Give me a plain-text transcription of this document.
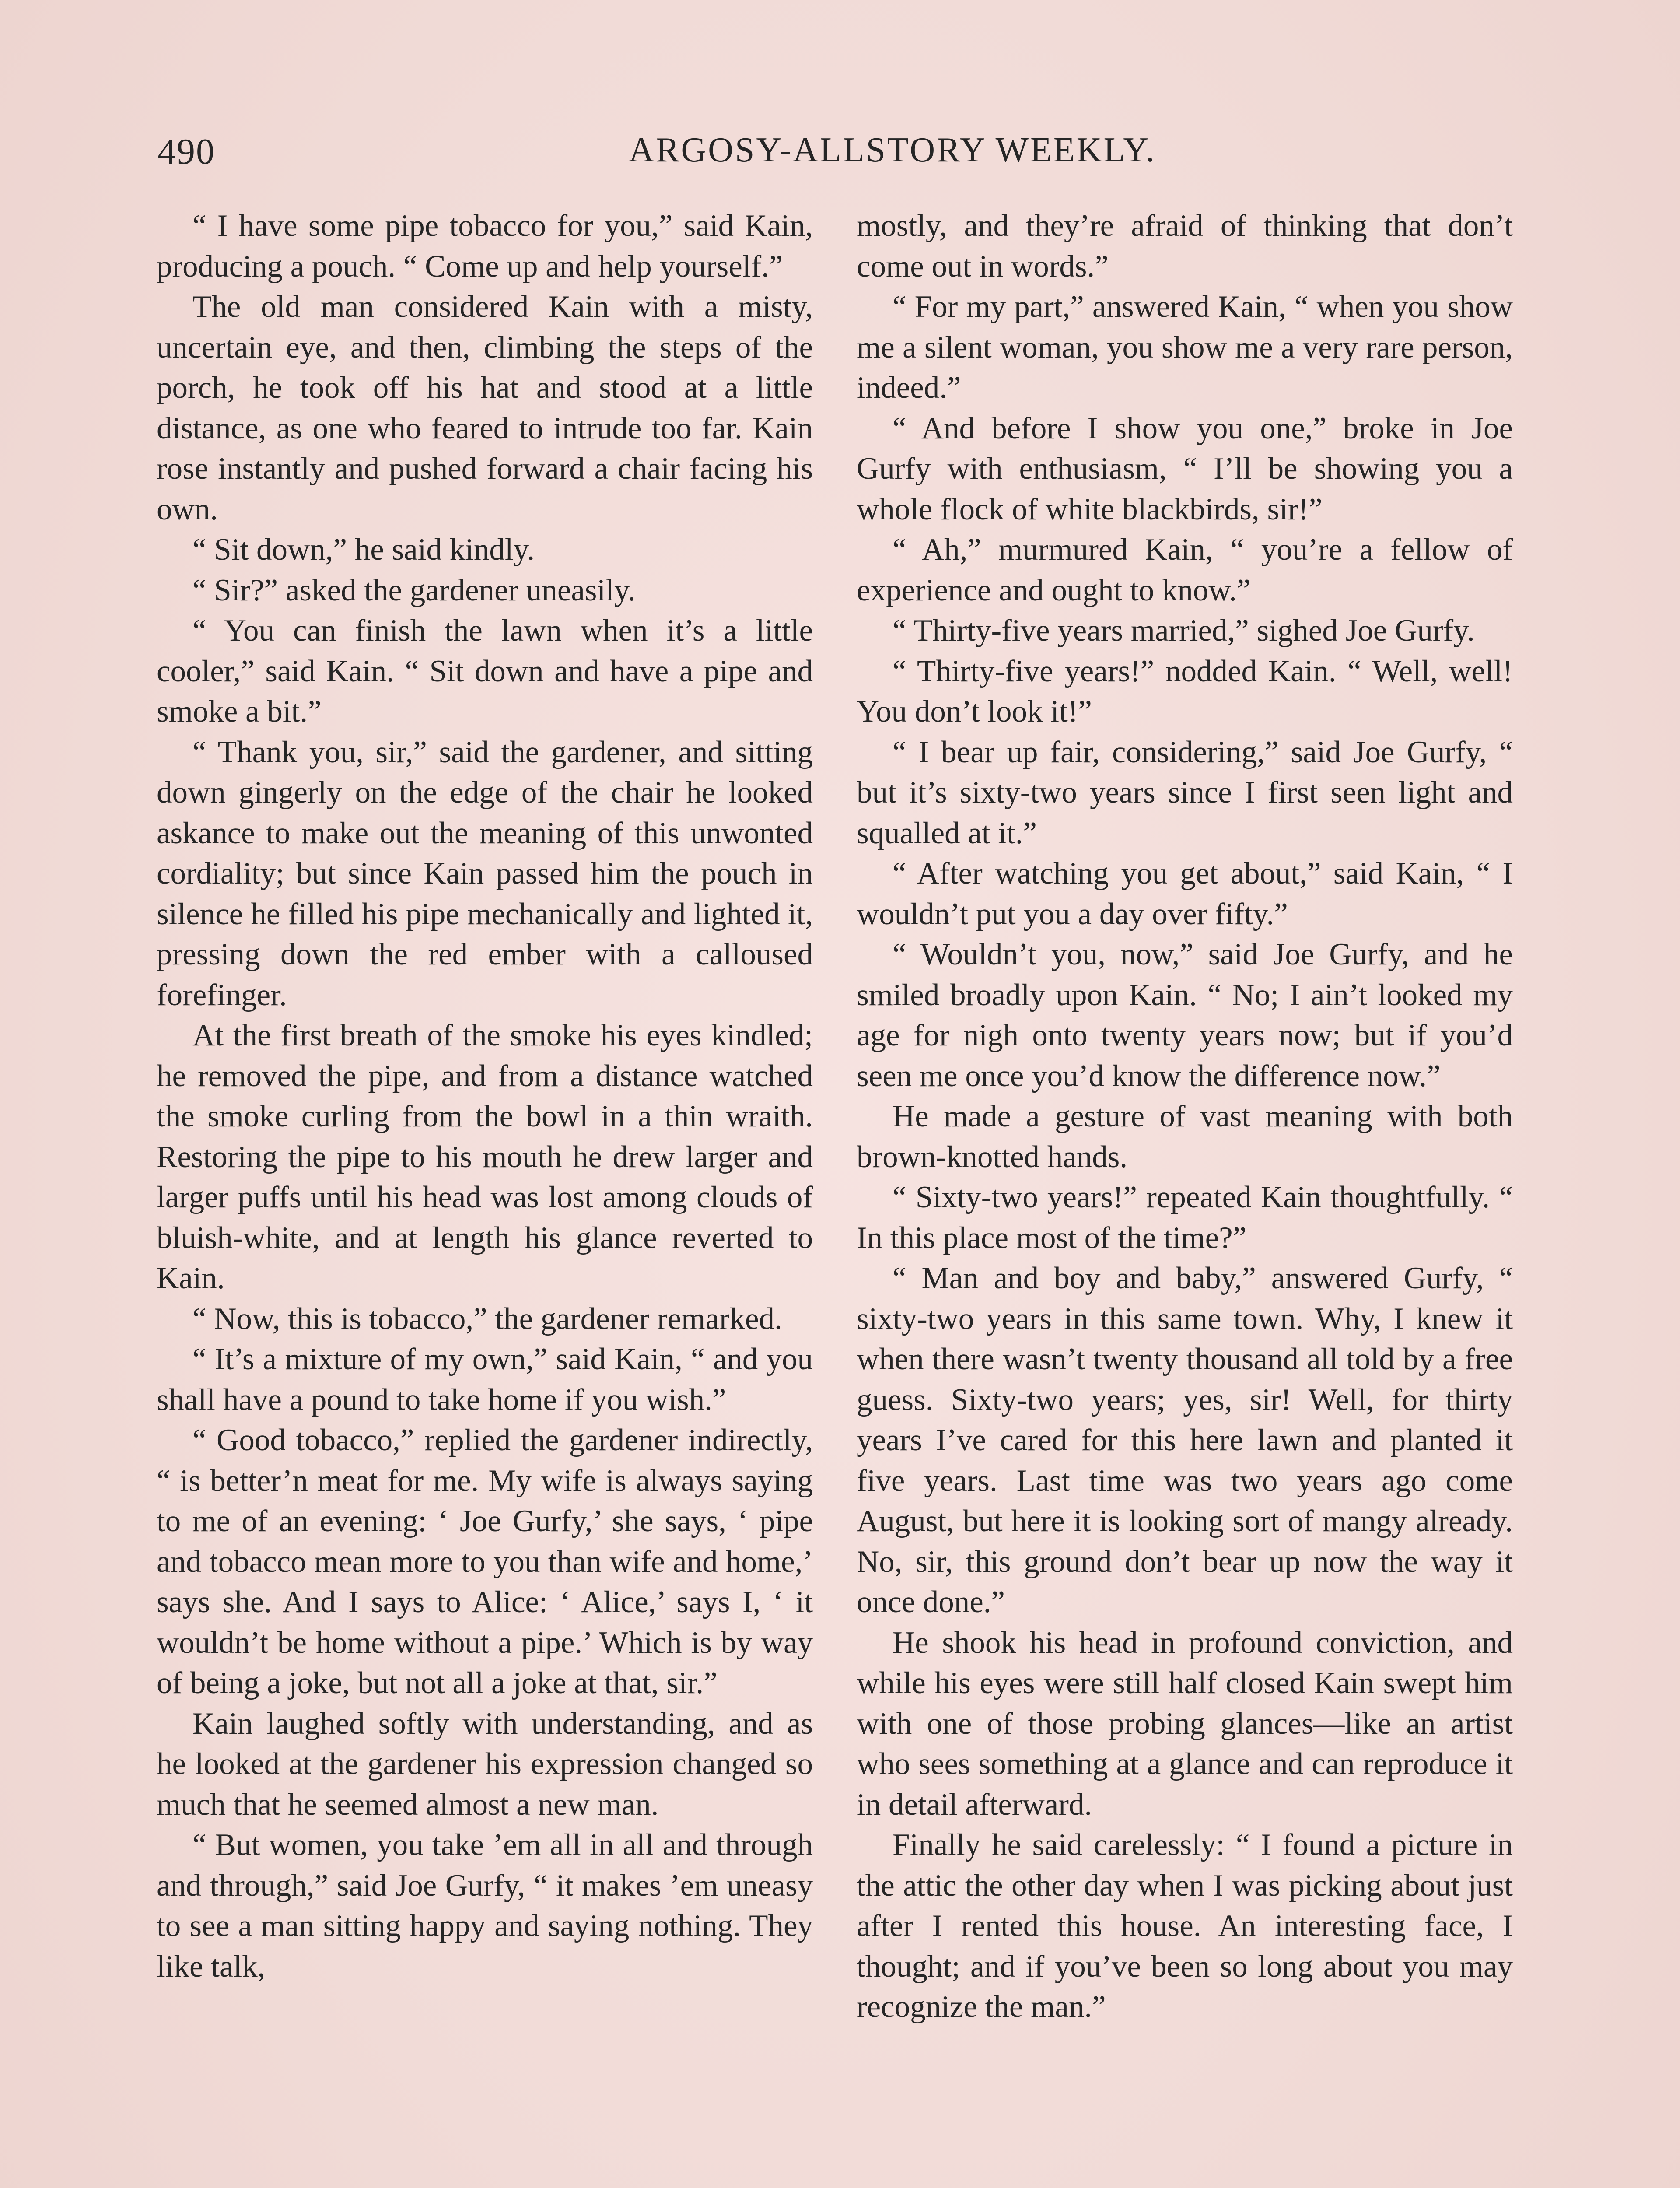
490	ARGOSY-ALLSTORY WEEKLY.

“ I have some pipe tobacco for you,” said Kain, producing a pouch. “ Come up and help yourself.”

The old man considered Kain with a misty, uncertain eye, and then, climbing the steps of the porch, he took off his hat and stood at a little distance, as one who feared to intrude too far. Kain rose instantly and pushed forward a chair facing his own.

“ Sit down,” he said kindly.

“ Sir?” asked the gardener uneasily.

“ You can finish the lawn when it’s a little cooler,” said Kain. “ Sit down and have a pipe and smoke a bit.”

“ Thank you, sir,” said the gardener, and sitting down gingerly on the edge of the chair he looked askance to make out the meaning of this unwonted cordiality; but since Kain passed him the pouch in silence he filled his pipe mechanically and lighted it, pressing down the red ember with a calloused forefinger.

At the first breath of the smoke his eyes kindled; he removed the pipe, and from a distance watched the smoke curling from the bowl in a thin wraith. Restoring the pipe to his mouth he drew larger and larger puffs until his head was lost among clouds of bluish-white, and at length his glance reverted to Kain.

“ Now, this is tobacco,” the gardener remarked.

“ It’s a mixture of my own,” said Kain, “ and you shall have a pound to take home if you wish.”

“ Good tobacco,” replied the gardener indirectly, “ is better’n meat for me. My wife is always saying to me of an evening: ‘ Joe Gurfy,’ she says, ‘ pipe and tobacco mean more to you than wife and home,’ says she. And I says to Alice: ‘ Alice,’ says I, ‘ it wouldn’t be home without a pipe.’ Which is by way of being a joke, but not all a joke at that, sir.”

Kain laughed softly with understanding, and as he looked at the gardener his expression changed so much that he seemed almost a new man.

“ But women, you take ’em all in all and through and through,” said Joe Gurfy, “ it makes ’em uneasy to see a man sitting happy and saying nothing. They like talk,

mostly, and they’re afraid of thinking that don’t come out in words.”

“ For my part,” answered Kain, “ when you show me a silent woman, you show me a very rare person, indeed.”

“ And before I show you one,” broke in Joe Gurfy with enthusiasm, “ I’ll be showing you a whole flock of white blackbirds, sir!”

“ Ah,” murmured Kain, “ you’re a fellow of experience and ought to know.”

“ Thirty-five years married,” sighed Joe Gurfy.

“ Thirty-five years!” nodded Kain. “ Well, well! You don’t look it!”

“ I bear up fair, considering,” said Joe Gurfy, “ but it’s sixty-two years since I first seen light and squalled at it.”

“ After watching you get about,” said Kain, “ I wouldn’t put you a day over fifty.”

“ Wouldn’t you, now,” said Joe Gurfy, and he smiled broadly upon Kain. “ No; I ain’t looked my age for nigh onto twenty years now; but if you’d seen me once you’d know the difference now.”

He made a gesture of vast meaning with both brown-knotted hands.

“ Sixty-two years!” repeated Kain thoughtfully. “ In this place most of the time?”

“ Man and boy and baby,” answered Gurfy, “ sixty-two years in this same town. Why, I knew it when there wasn’t twenty thousand all told by a free guess. Sixty-two years; yes, sir! Well, for thirty years I’ve cared for this here lawn and planted it five years. Last time was two years ago come August, but here it is looking sort of mangy already. No, sir, this ground don’t bear up now the way it once done.”

He shook his head in profound conviction, and while his eyes were still half closed Kain swept him with one of those probing glances—like an artist who sees something at a glance and can reproduce it in detail afterward.

Finally he said carelessly: “ I found a picture in the attic the other day when I was picking about just after I rented this house. An interesting face, I thought; and if you’ve been so long about you may recognize the man.”
